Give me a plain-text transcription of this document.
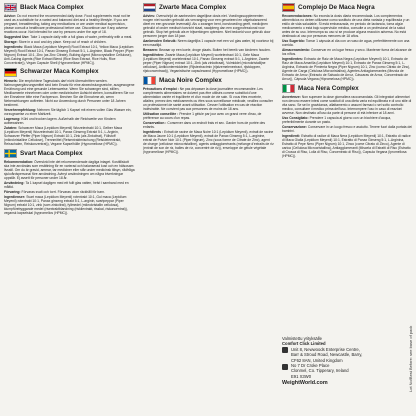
Black Maca Complex
Advice:Do not exceed the recommended daily dose. Food supplements must not be used as a substitute for a varied and balanced diet and a healthy lifestyle. If you are pregnant, breastfeeding, taking any medications or are under medical supervision, please consult a healthcare professional before use. Discontinue use if any adverse reactions occur. Not intended for use by persons under the age of 18.
Suggested Use:Take 1 capsule daily with a full glass of water, preferably with a meal.
Storage:Store in a cool and dry place. Keep out of reach of children.
Ingredients:Black Maca (Lepidium Meyenii) Root Extract 10:1, Yellow Maca (Lepidium Meyenii) Root Extract 10:1, Panax Ginseng Extract 5:1, L-Arginine, Black Pepper (Piper Nigrum) Extract 10:1, Zinc (as Zinc Citrate), Bulking Agent (Microcrystalline Cellulose), Anti-Caking Agents (Rice Extract Blend (Rice Bran Extract, Rice Hulls, Rice Concentrate)), Vegan Capsule Shell (Hypromellose (HPMC)).
Schwarzer Maca Komplex
Hinweis:Die empfohlene Tagesdosis darf nicht überschritten werden. Nahrungsergänzungsmittel sind kein Ersatz für eine abwechslungsreiche, ausgewogene Ernährung und eine gesunde Lebensweise. Wenn Sie schwanger sind, stillen, Medikamente einnehmen oder unter medizinischer Aufsicht stehen, konsultieren Sie vor der Einnahme bitte eine Fachperson. Brechen Sie die Einnahme ab, wenn Nebenwirkungen auftreten. Nicht zur Anwendung durch Personen unter 18 Jahren bestimmt.
Verzehrempfehlung:Nehmen Sie täglich 1 Kapsel mit einem vollen Glas Wasser ein, vorzugsweise zu einer Mahlzeit.
Lagerung:Kühl und trocken lagern. Außerhalb der Reichweite von Kindern aufbewahren.
Zutaten:Schwarzer Maca (Lepidium Meyenii) Wurzelextrakt 10:1, Gelber Maca (Lepidium Meyenii) Wurzelextrakt 10:1, Panax Ginseng Extrakt 5:1, L-Arginin, Schwarzer Pfeffer (Piper Nigrum) Extrakt 10:1, Zink (als Zinkcitrat), Füllstoff (mikrokristalline Cellulose), Trennmittel (Reisextraktmischung (Reiskleieextrakt, Reisschalen, Reiskonzentrat)), Vegane Kapselhülle (Hypromellose (HPMC)).
Svart Maca Complex
Rekommendation:Överskrid inte det rekommenderade dagliga intaget. Kosttillskott ska inte användas som ersättning för en varierad och balanserad kost och en hälsosam livsstil. Om du är gravid, ammar, tar mediciner eller står under medicinsk tillsyn, rådfråga sjukvårdspersonal före användning. Avbryt användningen om några biverkningar uppstår. Ej avsett för personer under 18 år.
Användning:Ta 1 kapsel dagligen med ett fullt glas vatten, helst i samband med en måltid.
Förvaring:Förvaras svalt och torrt. Förvaras utom räckhåll för barn.
Ingredienser:Svart maca (Lepidium Meyenii) rotextrakt 10:1, Gul maca (Lepidium Meyenii) rotextrakt 10:1, Panax ginseng extrakt 5:1, L-arginin, svartpeppar (Piper Nigrum) extrakt 10:1, zink (som zinkcitrat), fyllmedel (mikrokristallin cellulosa), klumpförebyggande medel (risextraktblandning (riskliextrakt, risskal, riskoncentrat)), vegansk kapselskal (hypromellos (HPMC)).
Zwarte Maca Complex
Advies:Overschrijd de aanbevolen dagelijkse dosis niet. Voedingssupplementen mogen niet worden gebruikt als vervanging voor een gevarieerd en uitgebalanceerd dieet en een gezonde levensstijl. Als u zwanger bent, borstvoeding geeft, medicijnen gebruikt of onder medisch toezicht staat, raadpleeg dan een zorgprofessional voor gebruik. Stop het gebruik als er bijwerkingen optreden. Niet bedoeld voor gebruik door personen jonger dan 18 jaar.
Aanbevolen Gebruik:Neem dagelijks 1 capsule met een vol glas water, bij voorkeur bij een maaltijd.
Bewaren:Bewaar op een koele, droge plaats. Buiten het bereik van kinderen houden.
Ingrediënten:Zwarte Maca (Lepidium Meyenii) wortelextract 10:1, Gele Maca (Lepidium Meyenii) wortelextract 10:1, Panax Ginseng extract 5:1, L-Arginine, Zwarte peper (Piper Nigrum) extract 10:1, Zink (als zinkcitraat), Vulmiddel (microkristallijne cellulose), Antiklontermiddelen (Rijstextractmix (rijstzemelenextract, rijstdoppen, rijstconcentraat)), Veganistische capsulewand (Hypromellose (HPMC)).
Maca Noire Complex
Précautions d'emploi :Ne pas dépasser la dose journalière recommandée. Les compléments alimentaires ne doivent pas être utilisés comme substitut d'une alimentation variée et équilibrée et d'un mode de vie sain. Si vous êtes enceinte, allaitez, prenez des médicaments ou êtes sous surveillance médicale, veuillez consulter un professionnel de santé avant utilisation. Cesser l'utilisation en cas de réaction indésirable. Ne convient pas aux personnes de moins de 18 ans.
Utilisation conseillée :Prendre 1 gélule par jour avec un grand verre d'eau, de préférence au cours d'un repas.
Conservation :Conserver dans un endroit frais et sec. Garder hors de portée des enfants.
Ingrédients :Extrait de racine de Maca Noire 10:1 (Lepidium Meyenii), extrait de racine de Maca Jaune 10:1 (Lepidium Meyenii), extrait de Panax Ginseng 5:1, L-arginine, extrait de Poivre Noir 10:1 (Piper Nigrum), Zinc (sous forme de Citrate de Zinc), agent de charge (cellulose microcristalline), agents antiagglomérants (mélange d'extraits de riz (extrait de son de riz, balles de riz, concentré de riz)), enveloppe de gélule végétale (hypromellose (HPMC)).
Complejo De Maca Negra
Recomendaciones:No exceda la dosis diaria recomendada. Los complementos alimenticios no deben utilizarse como sustituto de una dieta variada y equilibrada y un estilo de vida saludable. Si está embarazada, en periodo de lactancia, toma algún medicamento o está bajo supervisión médica, consulte a un profesional de la salud antes de su uso. Interrumpa su uso si se produce alguna reacción adversa. No está destinado al uso por personas menores de 18 años.
Uso Sugerido:Tomar 1 cápsula al día con un vaso de agua, preferiblemente con una comida.
Almacenamiento:Conservar en un lugar fresco y seco. Mantener fuera del alcance de los niños.
Ingredientes:Extracto de Raíz de Maca Negra (Lepidium Meyenii) 10:1, Extracto de Raíz de Maca Amarilla (Lepidium Meyenii) 10:1, Extracto de Panax Ginseng 5:1, L-Arginina, Extracto de Pimienta Negra (Piper Nigrum) 10:1, Zinc (como Citrato de Zinc), Agente de Carga (Celulosa Microcristalina), Agentes Antiaglomerantes (Mezcla de Extracto de Arroz (Extracto de Salvado de Arroz, Cáscaras de Arroz, Concentrado de Arroz)), Cápsula Vegana (Hipromelosa (HPMC)).
Maca Nera Complex
Avvertenze:Non superare la dose giornaliera raccomandata. Gli integratori alimentari non devono essere intesi come sostituti di una dieta varia ed equilibrata e di uno stile di vita sano. Se sei in gravidanza, allattamento o assumi farmaci o sei sotto controllo medico, consultare il medico prima dell'uso. Interrompere l'uso in caso di reazioni avverse. Non destinato all'uso da parte di persone di età inferiore ai 18 anni.
Uso Consigliato:Prendere 1 capsula al giorno con un bicchiere d'acqua, preferibilmente durante un pasto.
Conservazione:Conservare in un luogo fresco e asciutto. Tenere fuori dalla portata dei bambini.
Ingredienti:Estratto di radice di Maca Nera (Lepidium Meyenii) 10:1, Estratto di radice di Maca Gialla (Lepidium Meyenii) 10:1, Estratto di Panax Ginseng 5:1, L-Arginina, Estratto di Pepe Nero (Piper Nigrum) 10:1, Zinco (come Citrato di Zinco), Agente di carica (Cellulosa Microcristallina), Antiagglomeranti (Miscela di Estratti di Riso (Estratto di Crusca di Riso, Lolla di Riso, Concentrato di Riso)), Capsula Vegana (Ipromellosa (HPMC)).
Valmistettu yrityksälle
Comfort Click Limited
Unit 8, Newwoods Enterprise Centre,
Barr & Stroud Road, Newcastle, Barry,
CF62 8AN, United Kingdom
No 7 Dr Croke Place
Clonmel, Co. Tipperary, Ireland
E91 X3W0
WeightWorld.com	Lot No/Best Before: see base of pack
